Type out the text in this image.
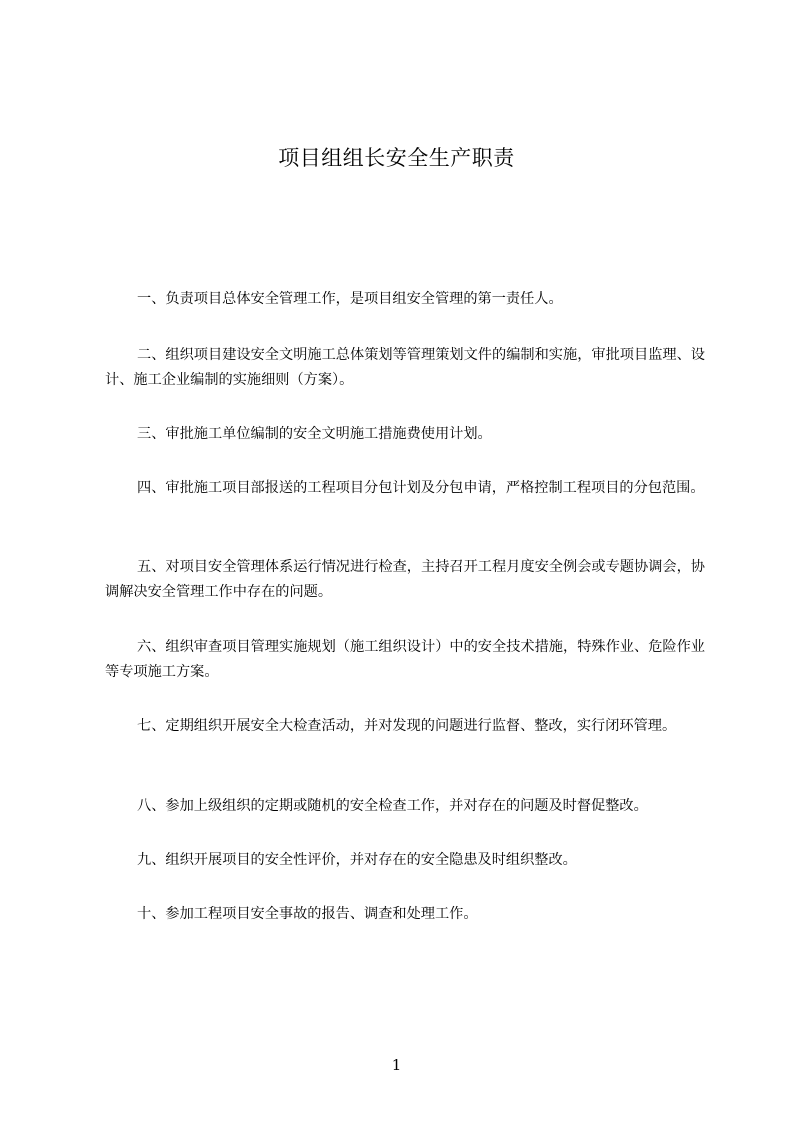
项目组组长安全生产职责

一、负责项目总体安全管理工作，是项目组安全管理的第一责任人。

二、组织项目建设安全文明施工总体策划等管理策划文件的编制和实施，审批项目监理、设计、施工企业编制的实施细则（方案）。

三、审批施工单位编制的安全文明施工措施费使用计划。

四、审批施工项目部报送的工程项目分包计划及分包申请，严格控制工程项目的分包范围。

五、对项目安全管理体系运行情况进行检查，主持召开工程月度安全例会或专题协调会，协调解决安全管理工作中存在的问题。

六、组织审查项目管理实施规划（施工组织设计）中的安全技术措施，特殊作业、危险作业等专项施工方案。

七、定期组织开展安全大检查活动，并对发现的问题进行监督、整改，实行闭环管理。

八、参加上级组织的定期或随机的安全检查工作，并对存在的问题及时督促整改。

九、组织开展项目的安全性评价，并对存在的安全隐患及时组织整改。

十、参加工程项目安全事故的报告、调查和处理工作。

1
